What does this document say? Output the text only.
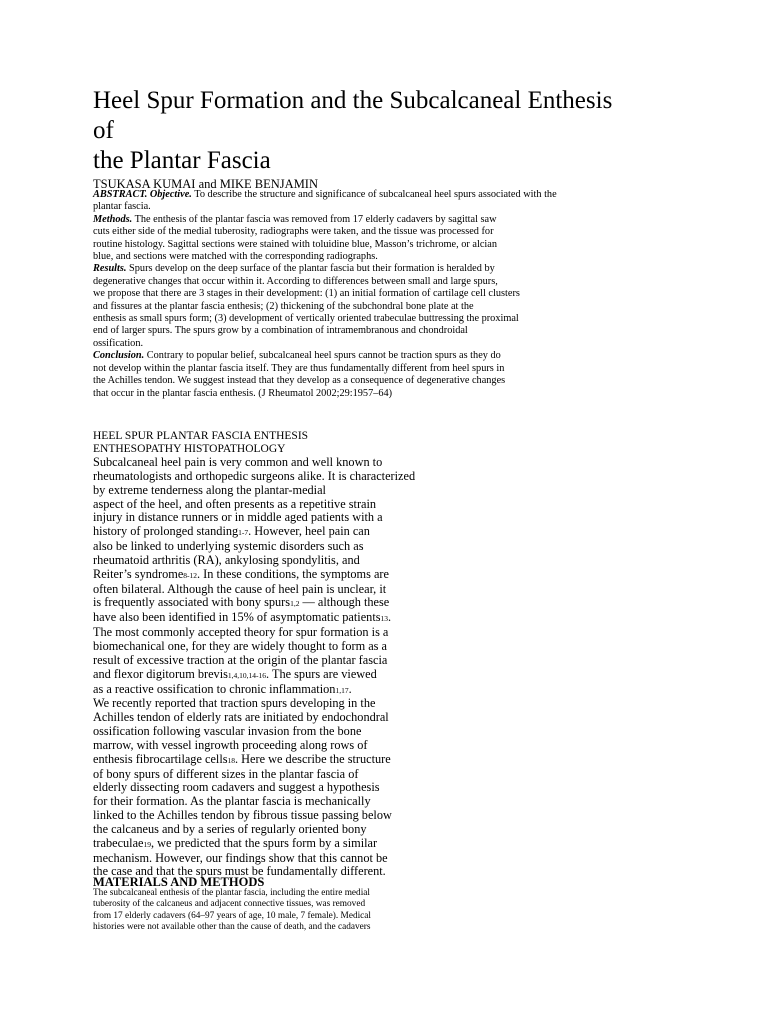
Heel Spur Formation and the Subcalcaneal Enthesis
of
the Plantar Fascia
TSUKASA KUMAI and MIKE BENJAMIN
ABSTRACT. Objective. To describe the structure and significance of subcalcaneal heel spurs associated with the
plantar fascia.
Methods. The enthesis of the plantar fascia was removed from 17 elderly cadavers by sagittal saw
cuts either side of the medial tuberosity, radiographs were taken, and the tissue was processed for
routine histology. Sagittal sections were stained with toluidine blue, Masson’s trichrome, or alcian
blue, and sections were matched with the corresponding radiographs.
Results. Spurs develop on the deep surface of the plantar fascia but their formation is heralded by
degenerative changes that occur within it. According to differences between small and large spurs,
we propose that there are 3 stages in their development: (1) an initial formation of cartilage cell clusters
and fissures at the plantar fascia enthesis; (2) thickening of the subchondral bone plate at the
enthesis as small spurs form; (3) development of vertically oriented trabeculae buttressing the proximal
end of larger spurs. The spurs grow by a combination of intramembranous and chondroidal
ossification.
Conclusion. Contrary to popular belief, subcalcaneal heel spurs cannot be traction spurs as they do
not develop within the plantar fascia itself. They are thus fundamentally different from heel spurs in
the Achilles tendon. We suggest instead that they develop as a consequence of degenerative changes
that occur in the plantar fascia enthesis. (J Rheumatol 2002;29:1957–64)
HEEL SPUR PLANTAR FASCIA ENTHESIS
ENTHESOPATHY HISTOPATHOLOGY
Subcalcaneal heel pain is very common and well known to
rheumatologists and orthopedic surgeons alike. It is characterized
by extreme tenderness along the plantar-medial
aspect of the heel, and often presents as a repetitive strain
injury in distance runners or in middle aged patients with a
history of prolonged standing1-7. However, heel pain can
also be linked to underlying systemic disorders such as
rheumatoid arthritis (RA), ankylosing spondylitis, and
Reiter’s syndrome8-12. In these conditions, the symptoms are
often bilateral. Although the cause of heel pain is unclear, it
is frequently associated with bony spurs1,2 — although these
have also been identified in 15% of asymptomatic patients13.
The most commonly accepted theory for spur formation is a
biomechanical one, for they are widely thought to form as a
result of excessive traction at the origin of the plantar fascia
and flexor digitorum brevis1,4,10,14-16. The spurs are viewed
as a reactive ossification to chronic inflammation1,17.
We recently reported that traction spurs developing in the
Achilles tendon of elderly rats are initiated by endochondral
ossification following vascular invasion from the bone
marrow, with vessel ingrowth proceeding along rows of
enthesis fibrocartilage cells18. Here we describe the structure
of bony spurs of different sizes in the plantar fascia of
elderly dissecting room cadavers and suggest a hypothesis
for their formation. As the plantar fascia is mechanically
linked to the Achilles tendon by fibrous tissue passing below
the calcaneus and by a series of regularly oriented bony
trabeculae19, we predicted that the spurs form by a similar
mechanism. However, our findings show that this cannot be
the case and that the spurs must be fundamentally different.
MATERIALS AND METHODS
The subcalcaneal enthesis of the plantar fascia, including the entire medial
tuberosity of the calcaneus and adjacent connective tissues, was removed
from 17 elderly cadavers (64–97 years of age, 10 male, 7 female). Medical
histories were not available other than the cause of death, and the cadavers
